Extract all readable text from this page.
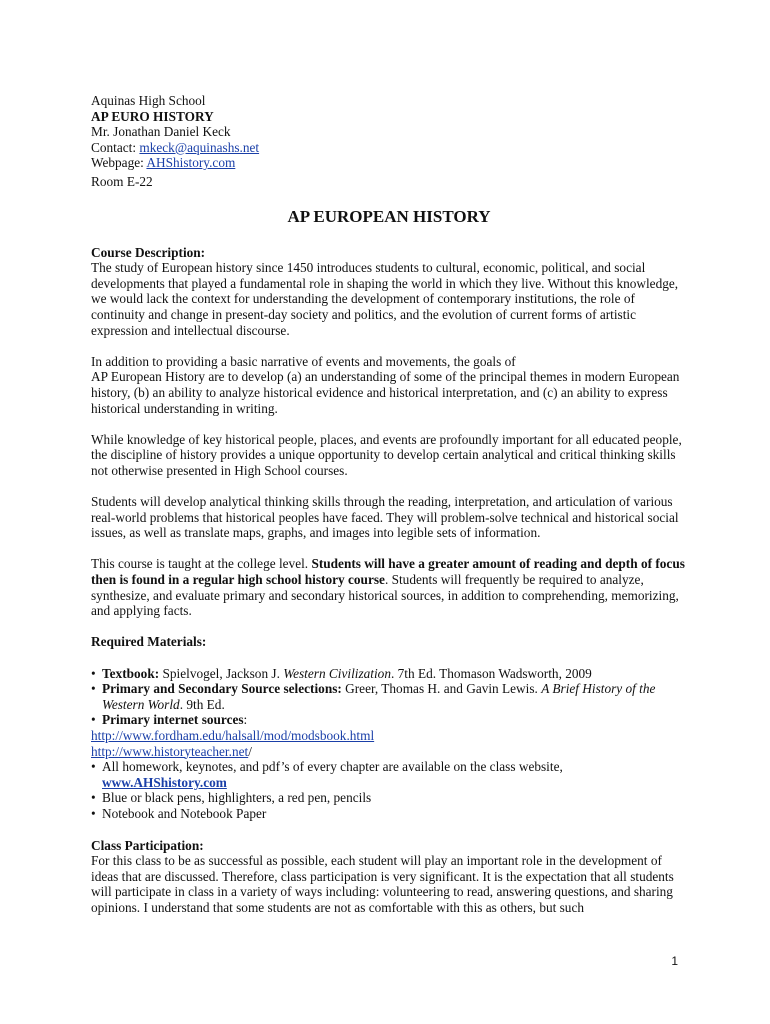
Aquinas High School
AP EURO HISTORY
Mr. Jonathan Daniel Keck
Contact: mkeck@aquinashs.net
Webpage: AHShistory.com
Room E-22
AP EUROPEAN HISTORY

Course Description:
The study of European history since 1450 introduces students to cultural, economic, political, and social developments that played a fundamental role in shaping the world in which they live. Without this knowledge, we would lack the context for understanding the development of contemporary institutions, the role of continuity and change in present-day society and politics, and the evolution of current forms of artistic expression and intellectual discourse.

In addition to providing a basic narrative of events and movements, the goals of
AP European History are to develop (a) an understanding of some of the principal themes in modern European history, (b) an ability to analyze historical evidence and historical interpretation, and (c) an ability to express historical understanding in writing.

While knowledge of key historical people, places, and events are profoundly important for all educated people, the discipline of history provides a unique opportunity to develop certain analytical and critical thinking skills not otherwise presented in High School courses.

Students will develop analytical thinking skills through the reading, interpretation, and articulation of various real-world problems that historical peoples have faced. They will problem-solve technical and historical social issues, as well as translate maps, graphs, and images into legible sets of information.

This course is taught at the college level. Students will have a greater amount of reading and depth of focus then is found in a regular high school history course. Students will frequently be required to analyze, synthesize, and evaluate primary and secondary historical sources, in addition to comprehending, memorizing, and applying facts.

Required Materials:
• Textbook: Spielvogel, Jackson J. Western Civilization. 7th Ed. Thomason Wadsworth, 2009
• Primary and Secondary Source selections: Greer, Thomas H. and Gavin Lewis. A Brief History of the Western World. 9th Ed.
• Primary internet sources:
http://www.fordham.edu/halsall/mod/modsbook.html
http://www.historyteacher.net/
• All homework, keynotes, and pdf’s of every chapter are available on the class website,
www.AHShistory.com
• Blue or black pens, highlighters, a red pen, pencils
• Notebook and Notebook Paper

Class Participation:
For this class to be as successful as possible, each student will play an important role in the development of ideas that are discussed. Therefore, class participation is very significant. It is the expectation that all students will participate in class in a variety of ways including: volunteering to read, answering questions, and sharing opinions. I understand that some students are not as comfortable with this as others, but such

1
